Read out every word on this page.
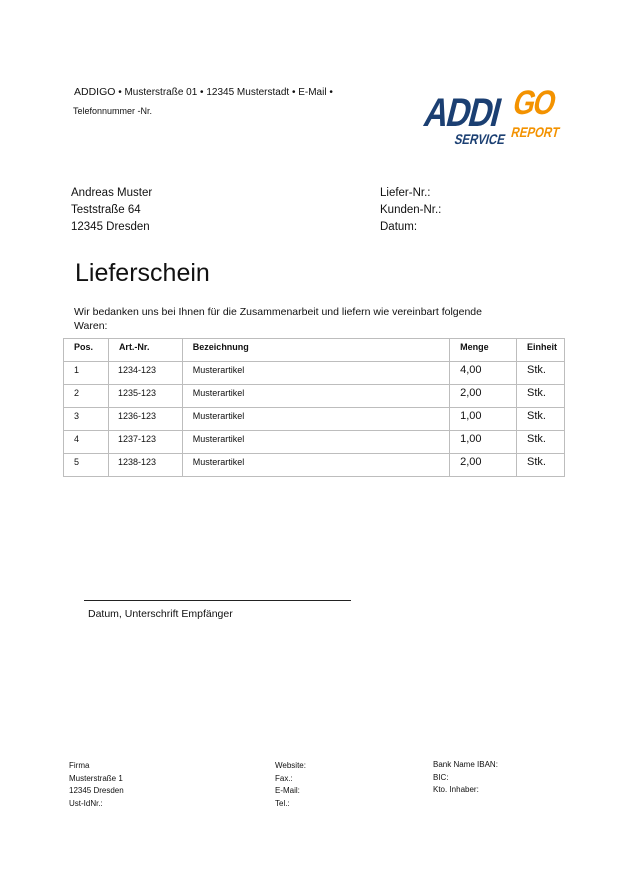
ADDIGO • Musterstraße 01 • 12345 Musterstadt • E-Mail •
Telefonnummer -Nr.	ADDI GO
SERVICE REPORT
Andreas Muster
Teststraße 64
12345 Dresden
Liefer-Nr.:
Kunden-Nr.:
Datum:
Lieferschein
Wir bedanken uns bei Ihnen für die Zusammenarbeit und liefern wie vereinbart folgende Waren:
Pos.	Art.-Nr.	Bezeichnung	Menge	Einheit
1	1234-123	Musterartikel	4,00	Stk.
2	1235-123	Musterartikel	2,00	Stk.
3	1236-123	Musterartikel	1,00	Stk.
4	1237-123	Musterartikel	1,00	Stk.
5	1238-123	Musterartikel	2,00	Stk.
Datum, Unterschrift Empfänger
Firma
Musterstraße 1
12345 Dresden
Ust-IdNr.:
Website:
Fax.:
E-Mail:
Tel.:
Bank Name IBAN:
BIC:
Kto. Inhaber:
